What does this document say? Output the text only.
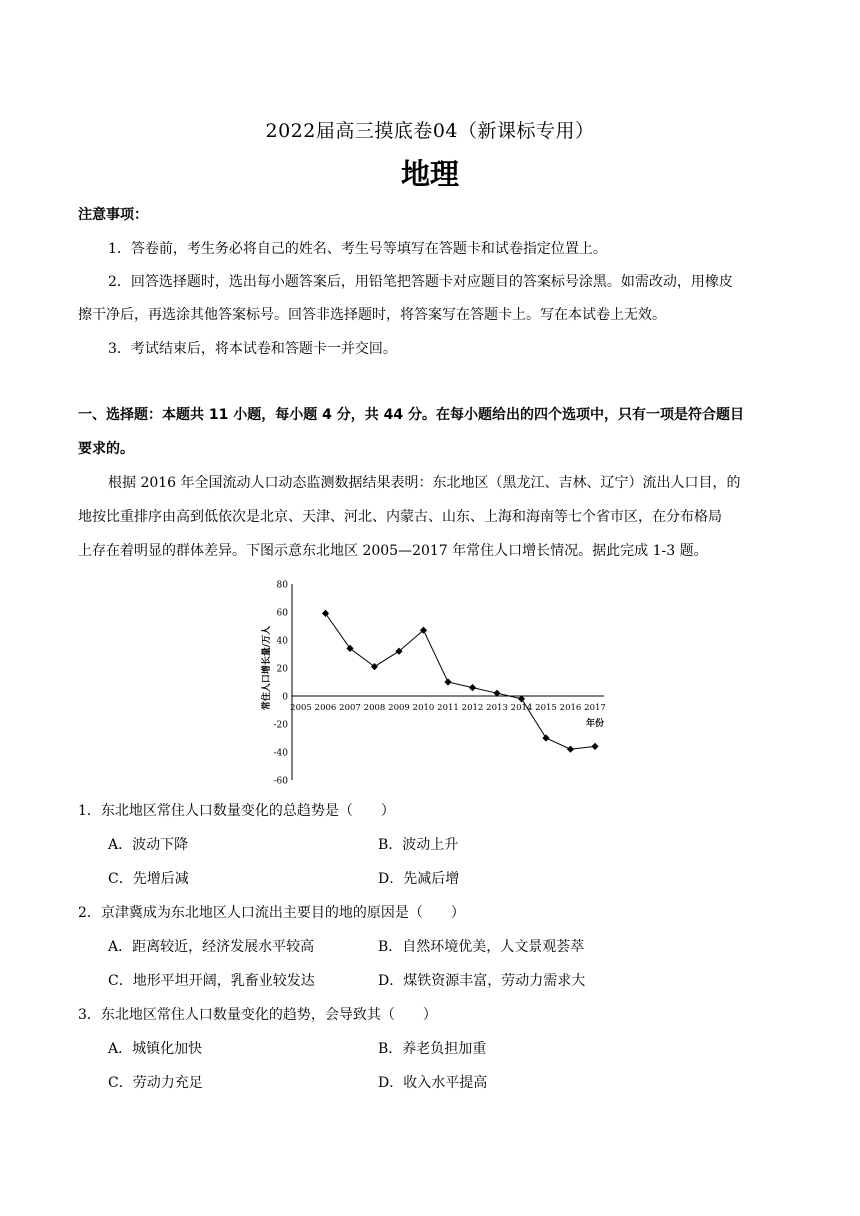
2022届高三摸底卷04（新课标专用）
地理
注意事项：
1．答卷前，考生务必将自己的姓名、考生号等填写在答题卡和试卷指定位置上。
2．回答选择题时，选出每小题答案后，用铅笔把答题卡对应题目的答案标号涂黑。如需改动，用橡皮
擦干净后，再选涂其他答案标号。回答非选择题时，将答案写在答题卡上。写在本试卷上无效。
3．考试结束后，将本试卷和答题卡一并交回。
一、选择题：本题共 11 小题，每小题 4 分，共 44 分。在每小题给出的四个选项中，只有一项是符合题目
要求的。
根据 2016 年全国流动人口动态监测数据结果表明：东北地区（黑龙江、吉林、辽宁）流出人口目，的
地按比重排序由高到低依次是北京、天津、河北、内蒙古、山东、上海和海南等七个省市区，在分布格局
上存在着明显的群体差异。下图示意东北地区 2005—2017 年常住人口增长情况。据此完成 1-3 题。
80
60
40
20
0
-20
-40
-60
2005 2006 2007 2008 2009 2010 2011 2012 2013 2014 2015 2016 2017
常住人口增长量/万人
年份
1．东北地区常住人口数量变化的总趋势是（　　）
A．波动下降	B．波动上升
C．先增后减	D．先减后增
2．京津冀成为东北地区人口流出主要目的地的原因是（　　）
A．距离较近，经济发展水平较高	B．自然环境优美，人文景观荟萃
C．地形平坦开阔，乳畜业较发达	D．煤铁资源丰富，劳动力需求大
3．东北地区常住人口数量变化的趋势，会导致其（　　）
A．城镇化加快	B．养老负担加重
C．劳动力充足	D．收入水平提高
